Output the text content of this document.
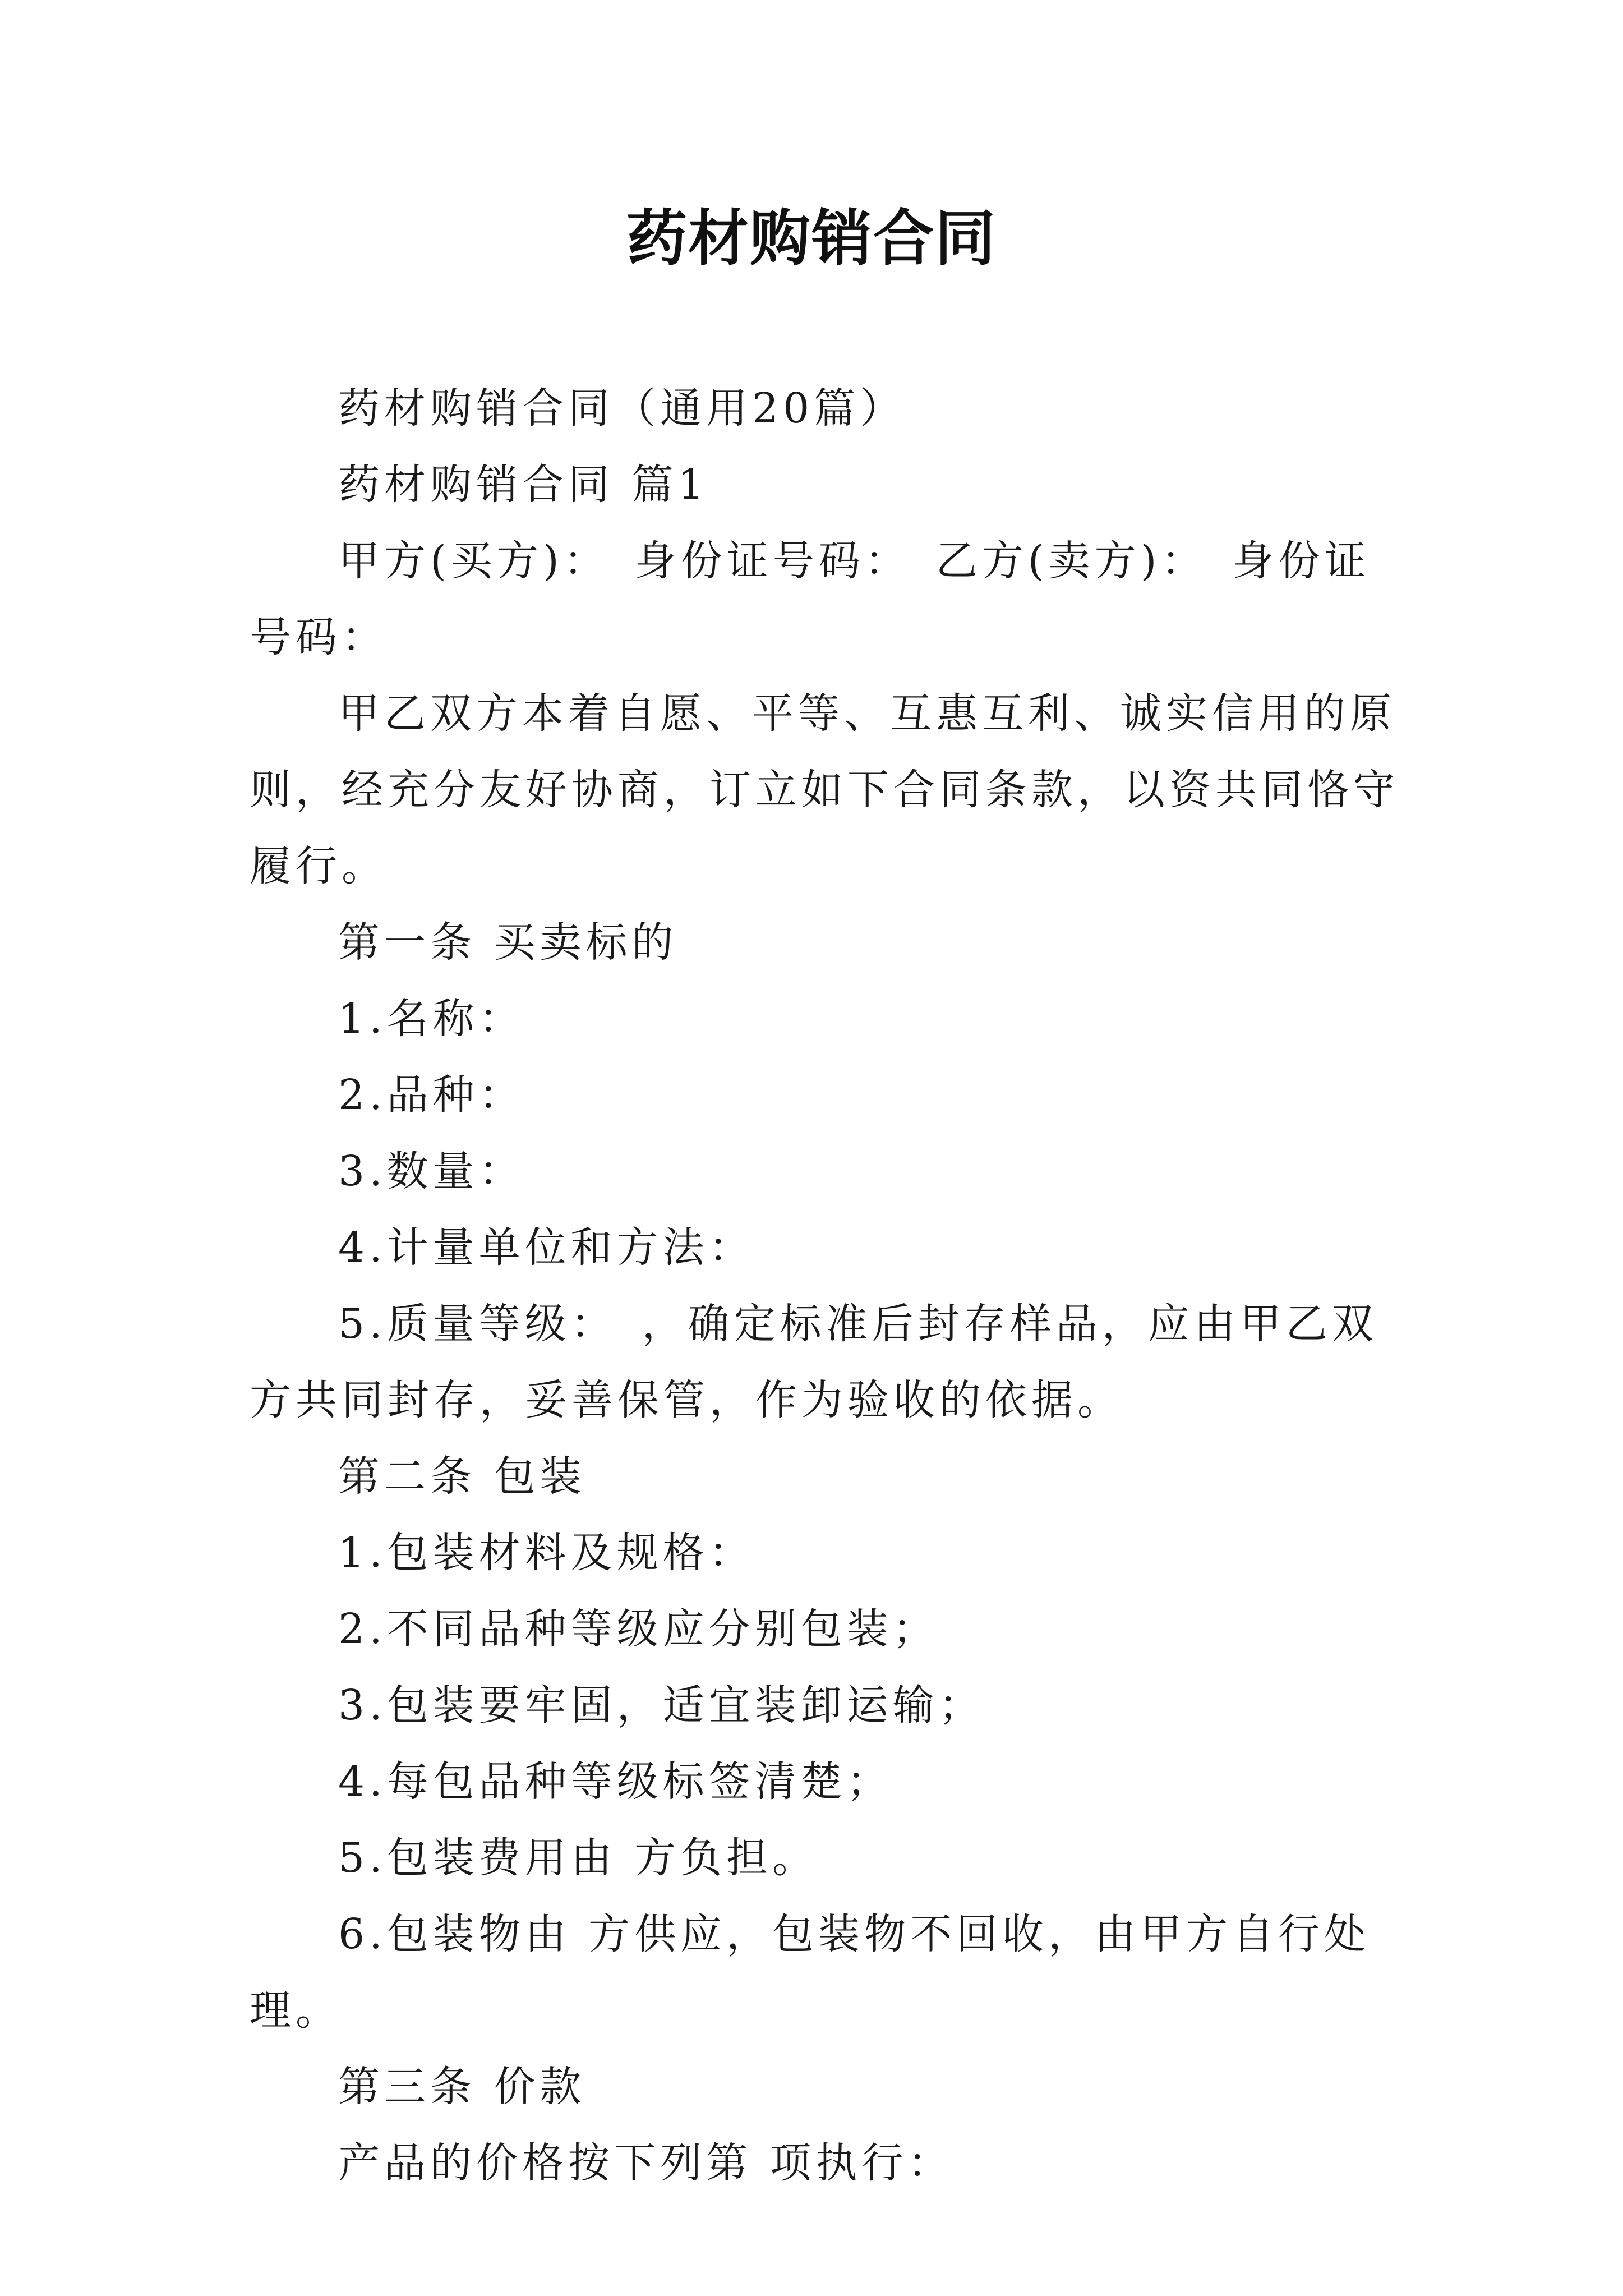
药材购销合同

药材购销合同（通用20篇）

药材购销合同 篇1

甲方(买方)：　身份证号码：　乙方(卖方)：　身份证号码：

甲乙双方本着自愿、平等、互惠互利、诚实信用的原则，经充分友好协商，订立如下合同条款，以资共同恪守履行。

第一条 买卖标的

1.名称：

2.品种：

3.数量：

4.计量单位和方法：

5.质量等级：　，确定标准后封存样品，应由甲乙双方共同封存，妥善保管，作为验收的依据。

第二条 包装

1.包装材料及规格：

2.不同品种等级应分别包装；

3.包装要牢固，适宜装卸运输；

4.每包品种等级标签清楚；

5.包装费用由 方负担。

6.包装物由 方供应，包装物不回收，由甲方自行处理。

第三条 价款

产品的价格按下列第 项执行：
